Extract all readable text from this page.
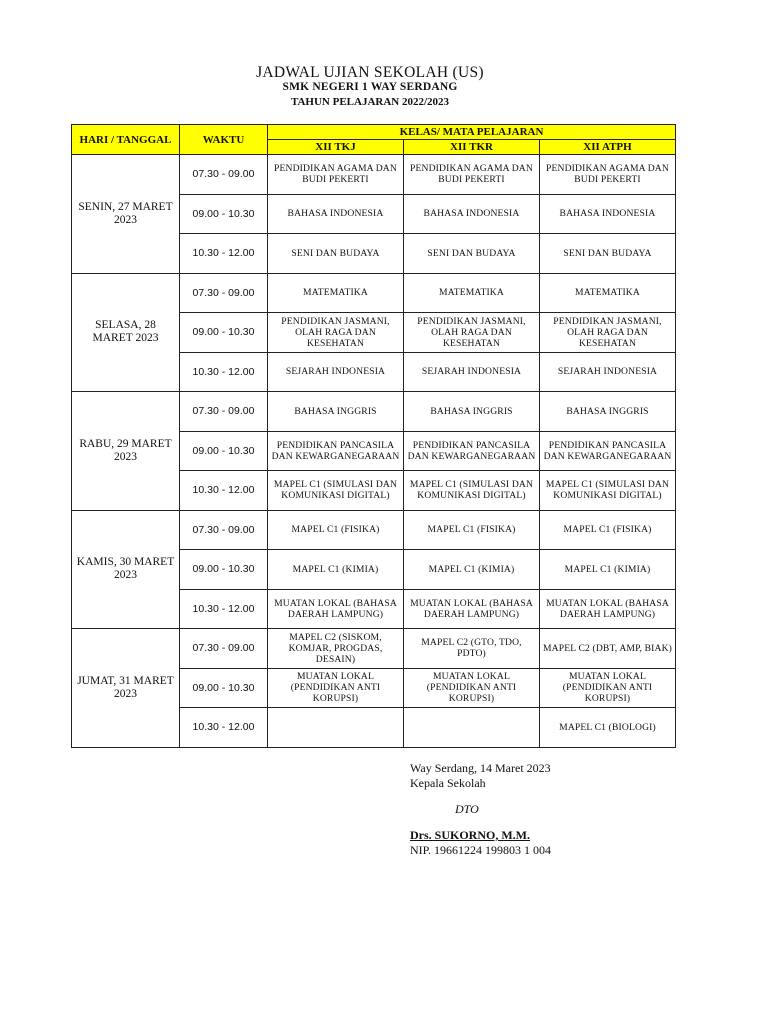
JADWAL UJIAN SEKOLAH (US)
SMK NEGERI 1 WAY SERDANG
TAHUN PELAJARAN 2022/2023
HARI / TANGGAL	WAKTU	KELAS/ MATA PELAJARAN		
		XII TKJ	XII TKR	XII ATPH
SENIN, 27 MARET 2023	07.30 - 09.00	PENDIDIKAN AGAMA DAN BUDI PEKERTI	PENDIDIKAN AGAMA DAN BUDI PEKERTI	PENDIDIKAN AGAMA DAN BUDI PEKERTI
	09.00 - 10.30	BAHASA INDONESIA	BAHASA INDONESIA	BAHASA INDONESIA
	10.30 - 12.00	SENI DAN BUDAYA	SENI DAN BUDAYA	SENI DAN BUDAYA
SELASA, 28 MARET 2023	07.30 - 09.00	MATEMATIKA	MATEMATIKA	MATEMATIKA
	09.00 - 10.30	PENDIDIKAN JASMANI, OLAH RAGA DAN KESEHATAN	PENDIDIKAN JASMANI, OLAH RAGA DAN KESEHATAN	PENDIDIKAN JASMANI, OLAH RAGA DAN KESEHATAN
	10.30 - 12.00	SEJARAH INDONESIA	SEJARAH INDONESIA	SEJARAH INDONESIA
RABU, 29 MARET 2023	07.30 - 09.00	BAHASA INGGRIS	BAHASA INGGRIS	BAHASA INGGRIS
	09.00 - 10.30	PENDIDIKAN PANCASILA DAN KEWARGANEGARAAN	PENDIDIKAN PANCASILA DAN KEWARGANEGARAAN	PENDIDIKAN PANCASILA DAN KEWARGANEGARAAN
	10.30 - 12.00	MAPEL C1 (SIMULASI DAN KOMUNIKASI DIGITAL)	MAPEL C1 (SIMULASI DAN KOMUNIKASI DIGITAL)	MAPEL C1 (SIMULASI DAN KOMUNIKASI DIGITAL)
KAMIS, 30 MARET 2023	07.30 - 09.00	MAPEL C1 (FISIKA)	MAPEL C1 (FISIKA)	MAPEL C1 (FISIKA)
	09.00 - 10.30	MAPEL C1 (KIMIA)	MAPEL C1 (KIMIA)	MAPEL C1 (KIMIA)
	10.30 - 12.00	MUATAN LOKAL (BAHASA DAERAH LAMPUNG)	MUATAN LOKAL (BAHASA DAERAH LAMPUNG)	MUATAN LOKAL (BAHASA DAERAH LAMPUNG)
JUMAT, 31 MARET 2023	07.30 - 09.00	MAPEL C2 (SISKOM, KOMJAR, PROGDAS, DESAIN)	MAPEL C2 (GTO, TDO, PDTO)	MAPEL C2 (DBT, AMP, BIAK)
	09.00 - 10.30	MUATAN LOKAL (PENDIDIKAN ANTI KORUPSI)	MUATAN LOKAL (PENDIDIKAN ANTI KORUPSI)	MUATAN LOKAL (PENDIDIKAN ANTI KORUPSI)
	10.30 - 12.00			MAPEL C1 (BIOLOGI)
Way Serdang, 14 Maret 2023
Kepala Sekolah
DTO
Drs. SUKORNO, M.M.
NIP. 19661224 199803 1 004
